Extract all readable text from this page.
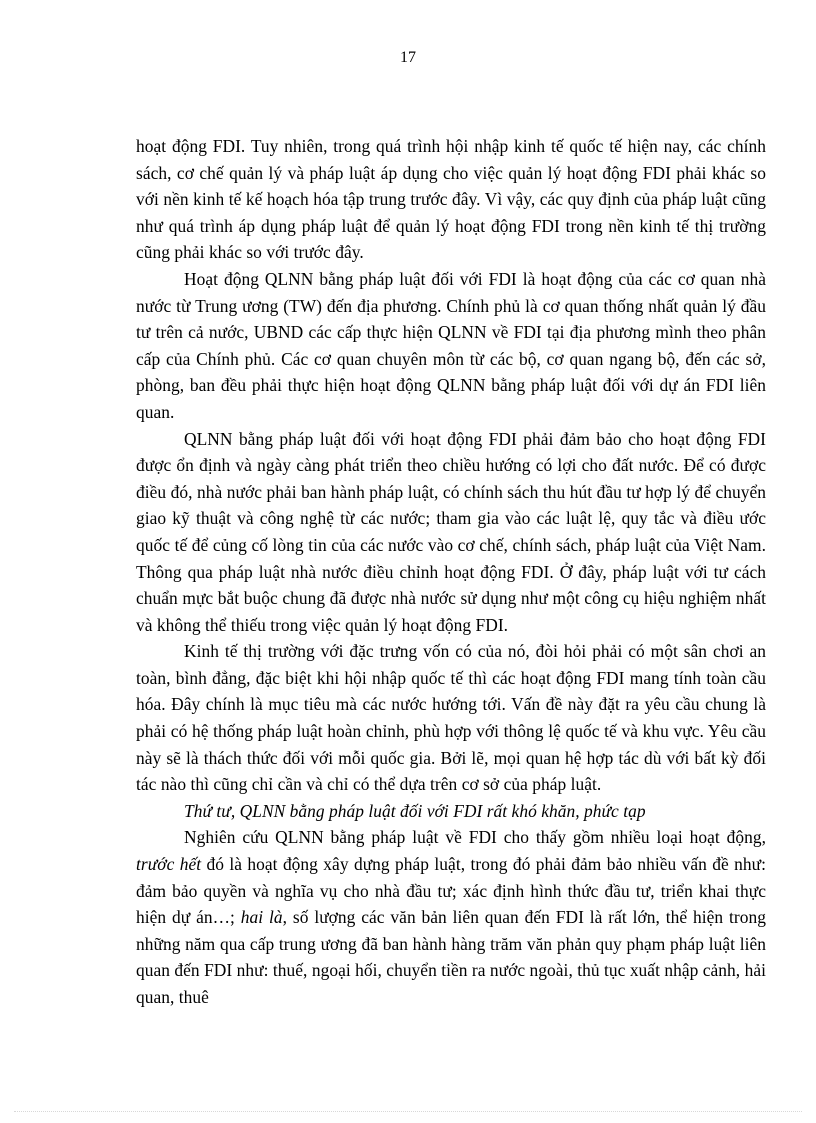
17

hoạt động FDI. Tuy nhiên, trong quá trình hội nhập kinh tế quốc tế hiện nay, các chính sách, cơ chế quản lý và pháp luật áp dụng cho việc quản lý hoạt động FDI phải khác so với nền kinh tế kế hoạch hóa tập trung trước đây. Vì vậy, các quy định của pháp luật cũng như quá trình áp dụng pháp luật để quản lý hoạt động FDI trong nền kinh tế thị trường cũng phải khác so với trước đây.

Hoạt động QLNN bằng pháp luật đối với FDI là hoạt động của các cơ quan nhà nước từ Trung ương (TW) đến địa phương. Chính phủ là cơ quan thống nhất quản lý đầu tư trên cả nước, UBND các cấp thực hiện QLNN về FDI tại địa phương mình theo phân cấp của Chính phủ. Các cơ quan chuyên môn từ các bộ, cơ quan ngang bộ, đến các sở, phòng, ban đều phải thực hiện hoạt động QLNN bằng pháp luật đối với dự án FDI liên quan.

QLNN bằng pháp luật đối với hoạt động FDI phải đảm bảo cho hoạt động FDI được ổn định và ngày càng phát triển theo chiều hướng có lợi cho đất nước. Để có được điều đó, nhà nước phải ban hành pháp luật, có chính sách thu hút đầu tư hợp lý để chuyển giao kỹ thuật và công nghệ từ các nước; tham gia vào các luật lệ, quy tắc và điều ước quốc tế để củng cố lòng tin của các nước vào cơ chế, chính sách, pháp luật của Việt Nam. Thông qua pháp luật nhà nước điều chỉnh hoạt động FDI. Ở đây, pháp luật với tư cách chuẩn mực bắt buộc chung đã được nhà nước sử dụng như một công cụ hiệu nghiệm nhất và không thể thiếu trong việc quản lý hoạt động FDI.

Kinh tế thị trường với đặc trưng vốn có của nó, đòi hỏi phải có một sân chơi an toàn, bình đẳng, đặc biệt khi hội nhập quốc tế thì các hoạt động FDI mang tính toàn cầu hóa. Đây chính là mục tiêu mà các nước hướng tới. Vấn đề này đặt ra yêu cầu chung là phải có hệ thống pháp luật hoàn chỉnh, phù hợp với thông lệ quốc tế và khu vực. Yêu cầu này sẽ là thách thức đối với mỗi quốc gia. Bởi lẽ, mọi quan hệ hợp tác dù với bất kỳ đối tác nào thì cũng chỉ cần và chỉ có thể dựa trên cơ sở của pháp luật.

Thứ tư, QLNN bằng pháp luật đối với FDI rất khó khăn, phức tạp

Nghiên cứu QLNN bằng pháp luật về FDI cho thấy gồm nhiều loại hoạt động, trước hết đó là hoạt động xây dựng pháp luật, trong đó phải đảm bảo nhiều vấn đề như: đảm bảo quyền và nghĩa vụ cho nhà đầu tư; xác định hình thức đầu tư, triển khai thực hiện dự án…; hai là, số lượng các văn bản liên quan đến FDI là rất lớn, thể hiện trong những năm qua cấp trung ương đã ban hành hàng trăm văn phản quy phạm pháp luật liên quan đến FDI như: thuế, ngoại hối, chuyển tiền ra nước ngoài, thủ tục xuất nhập cảnh, hải quan, thuê
